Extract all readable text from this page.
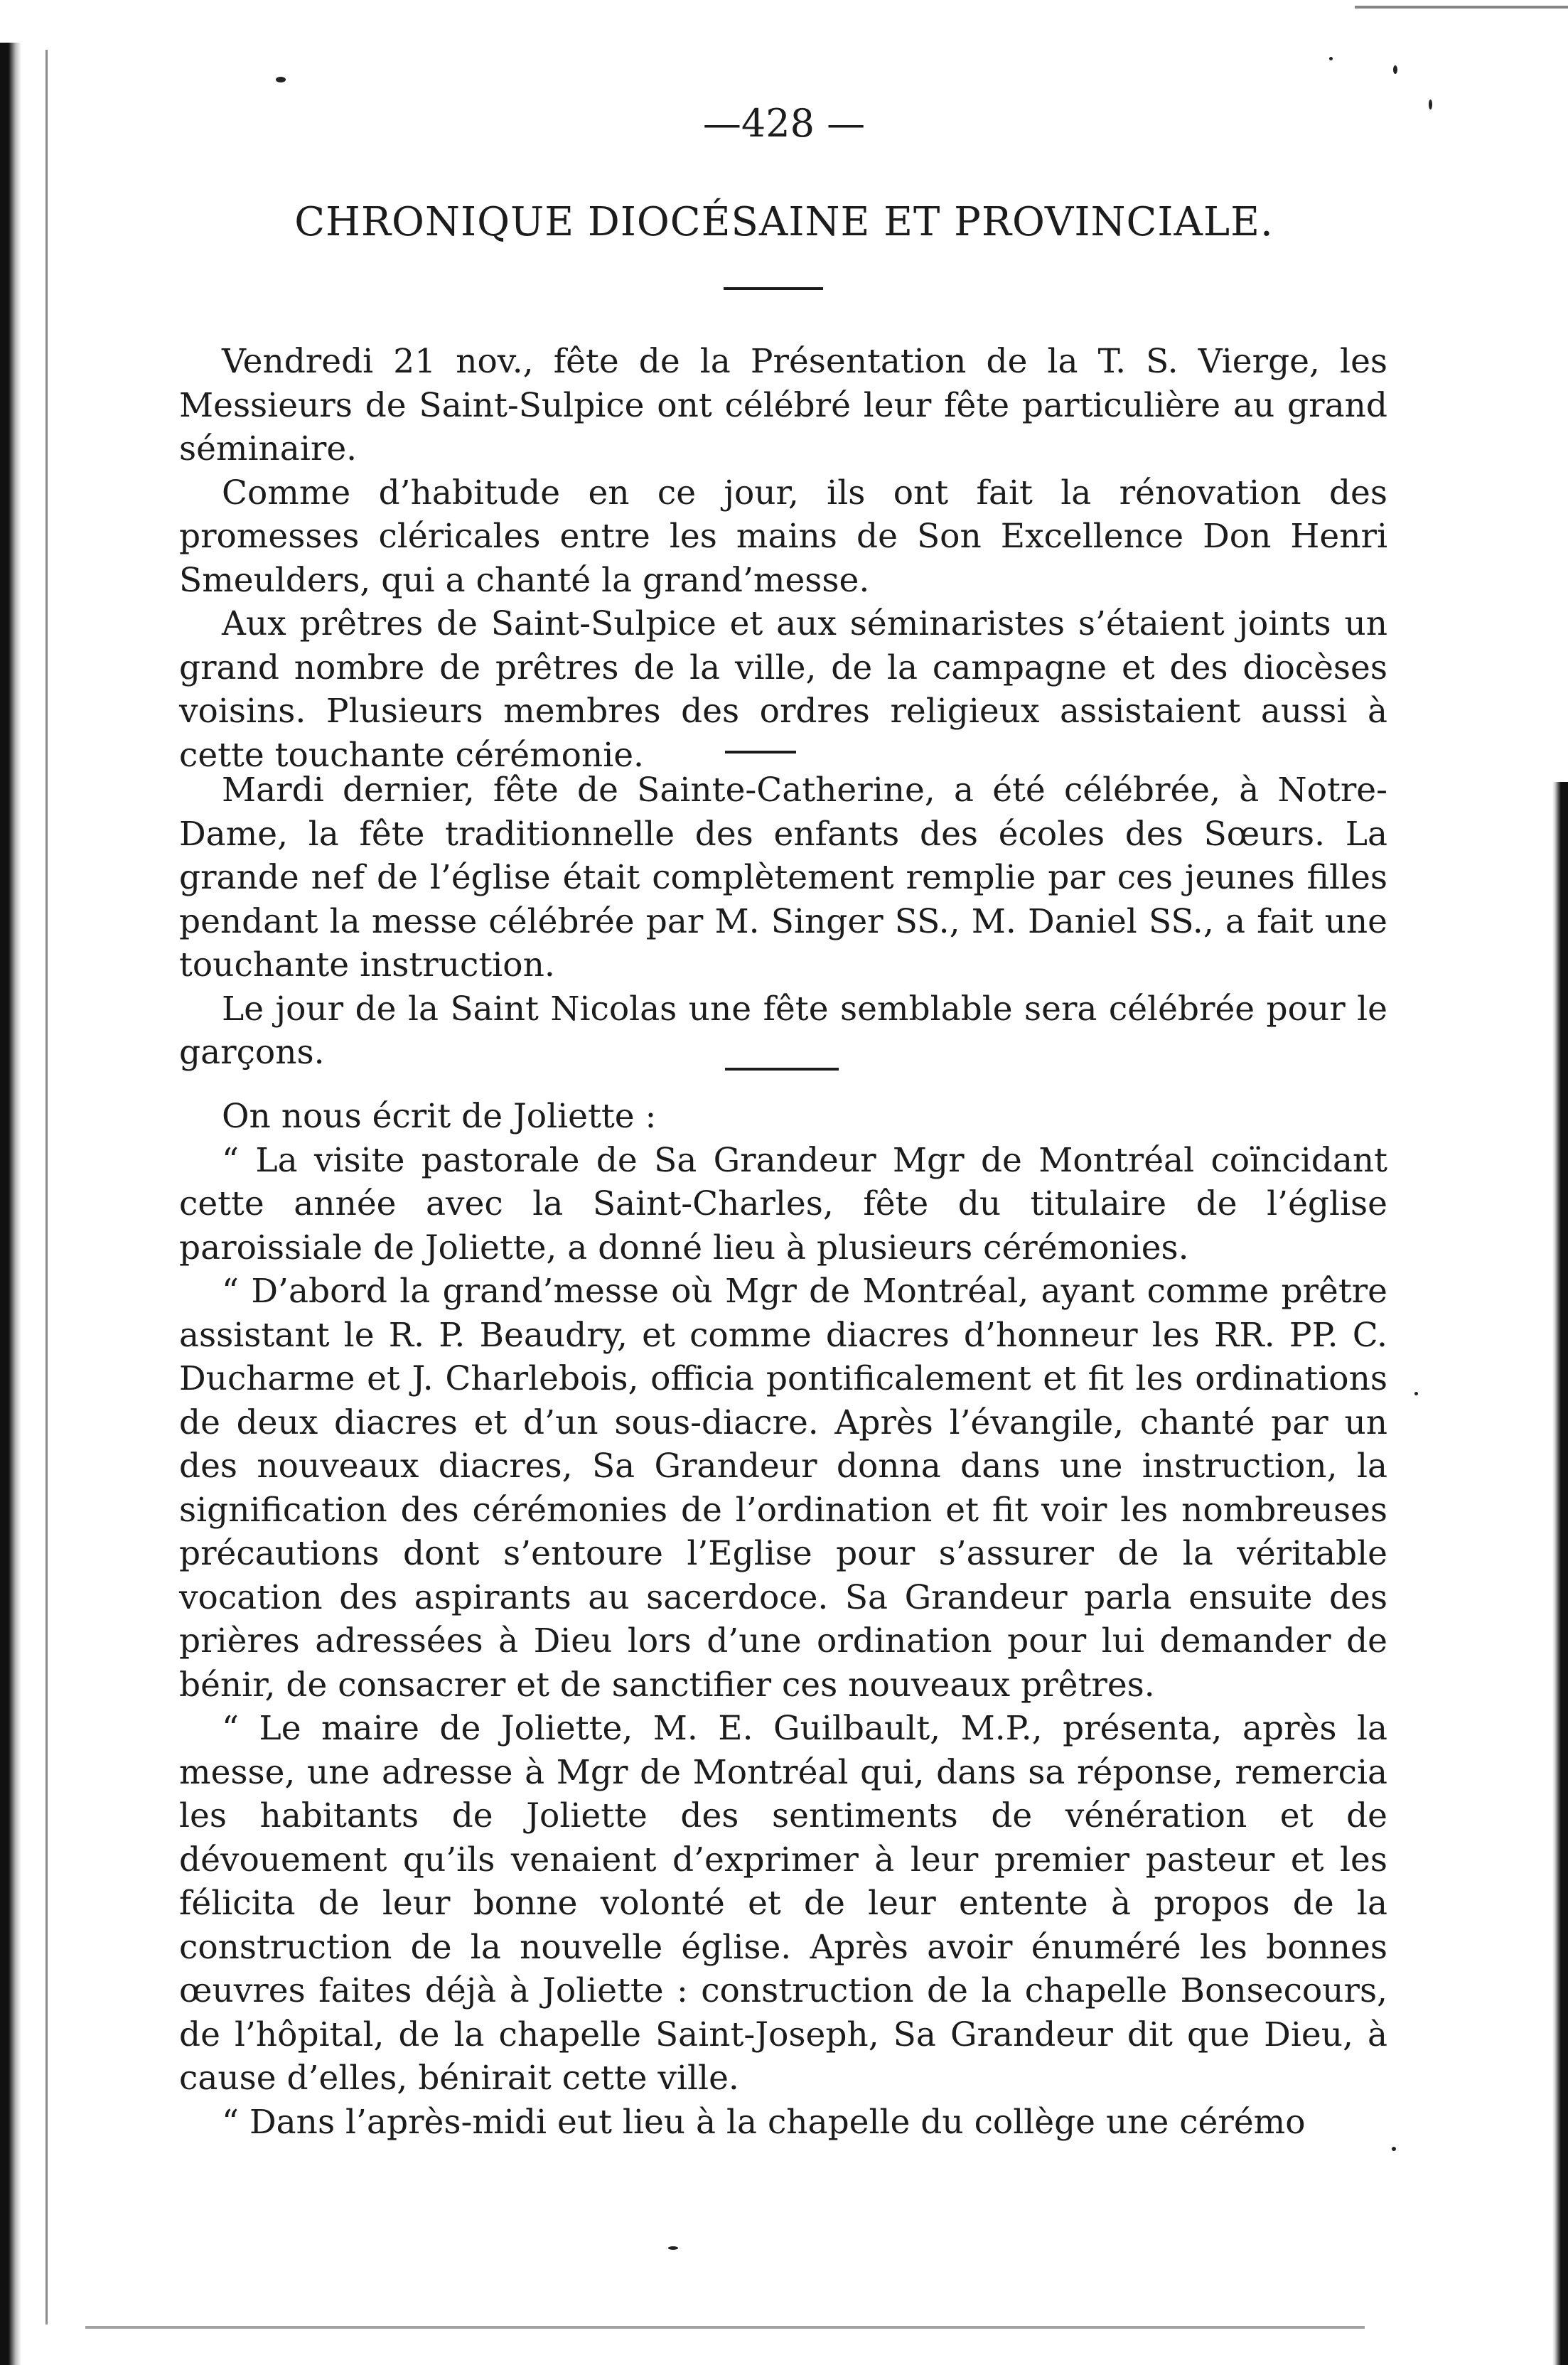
—428 —
CHRONIQUE DIOCÉSAINE ET PROVINCIALE.

Vendredi 21 nov., fête de la Présentation de la T. S. Vierge, les Messieurs de Saint-Sulpice ont célébré leur fête particulière au grand séminaire.

Comme d’habitude en ce jour, ils ont fait la rénovation des promesses cléricales entre les mains de Son Excellence Don Henri Smeulders, qui a chanté la grand’messe.

Aux prêtres de Saint-Sulpice et aux séminaristes s’étaient joints un grand nombre de prêtres de la ville, de la campagne et des diocèses voisins. Plusieurs membres des ordres religieux assistaient aussi à cette touchante cérémonie.

Mardi dernier, fête de Sainte-Catherine, a été célébrée, à Notre-Dame, la fête traditionnelle des enfants des écoles des Sœurs. La grande nef de l’église était complètement remplie par ces jeunes filles pendant la messe célébrée par M. Singer SS., M. Daniel SS., a fait une touchante instruction.

Le jour de la Saint Nicolas une fête semblable sera célébrée pour le garçons.

On nous écrit de Joliette :

“ La visite pastorale de Sa Grandeur Mgr de Montréal coïncidant cette année avec la Saint-Charles, fête du titulaire de l’église paroissiale de Joliette, a donné lieu à plusieurs cérémonies.

“ D’abord la grand’messe où Mgr de Montréal, ayant comme prêtre assistant le R. P. Beaudry, et comme diacres d’honneur les RR. PP. C. Ducharme et J. Charlebois, officia pontificalement et fit les ordinations de deux diacres et d’un sous-diacre. Après l’évangile, chanté par un des nouveaux diacres, Sa Grandeur donna dans une instruction, la signification des cérémonies de l’ordination et fit voir les nombreuses précautions dont s’entoure l’Eglise pour s’assurer de la véritable vocation des aspirants au sacerdoce. Sa Grandeur parla ensuite des prières adressées à Dieu lors d’une ordination pour lui demander de bénir, de consacrer et de sanctifier ces nouveaux prêtres.

“ Le maire de Joliette, M. E. Guilbault, M.P., présenta, après la messe, une adresse à Mgr de Montréal qui, dans sa réponse, remercia les habitants de Joliette des sentiments de vénération et de dévouement qu’ils venaient d’exprimer à leur premier pasteur et les félicita de leur bonne volonté et de leur entente à propos de la construction de la nouvelle église. Après avoir énuméré les bonnes œuvres faites déjà à Joliette : construction de la chapelle Bonsecours, de l’hôpital, de la chapelle Saint-Joseph, Sa Grandeur dit que Dieu, à cause d’elles, bénirait cette ville.

“ Dans l’après-midi eut lieu à la chapelle du collège une cérémo
